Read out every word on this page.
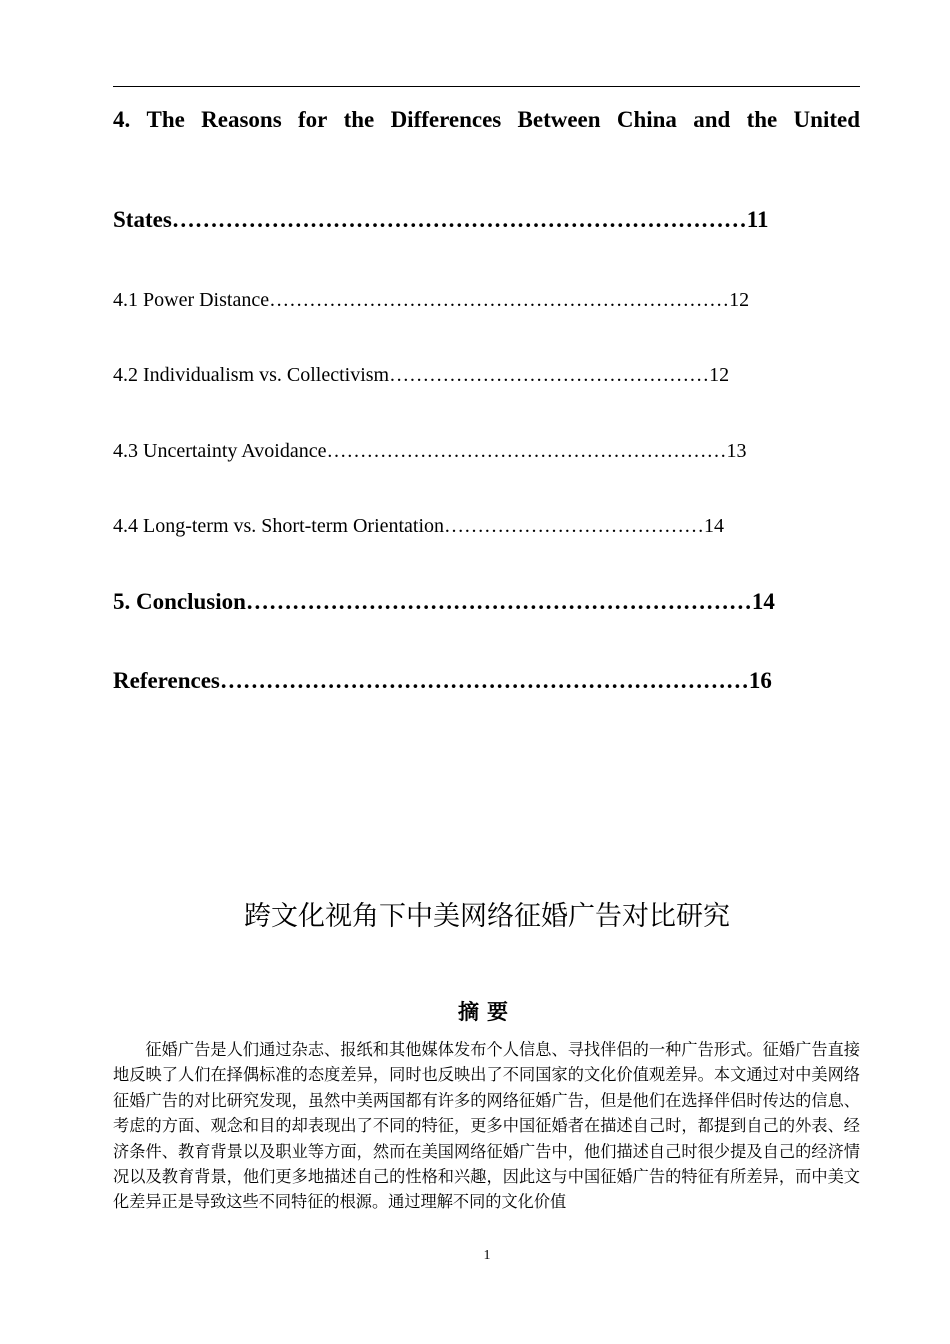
4. The Reasons for the Differences Between China and the United
States…………………………………………………………………11
4.1 Power Distance……………………………………………………………12
4.2 Individualism vs. Collectivism…………………………………………12
4.3 Uncertainty Avoidance……………………………………………………13
4.4 Long-term vs. Short-term Orientation…………………………………14
5. Conclusion…………………………………………………………14
References……………………………………………………………16
跨文化视角下中美网络征婚广告对比研究
摘要

征婚广告是人们通过杂志、报纸和其他媒体发布个人信息、寻找伴侣的一种广告形式。征婚广告直接地反映了人们在择偶标准的态度差异，同时也反映出了不同国家的文化价值观差异。本文通过对中美网络征婚广告的对比研究发现，虽然中美两国都有许多的网络征婚广告，但是他们在选择伴侣时传达的信息、考虑的方面、观念和目的却表现出了不同的特征，更多中国征婚者在描述自己时，都提到自己的外表、经济条件、教育背景以及职业等方面，然而在美国网络征婚广告中，他们描述自己时很少提及自己的经济情况以及教育背景，他们更多地描述自己的性格和兴趣，因此这与中国征婚广告的特征有所差异，而中美文化差异正是导致这些不同特征的根源。通过理解不同的文化价值

1
